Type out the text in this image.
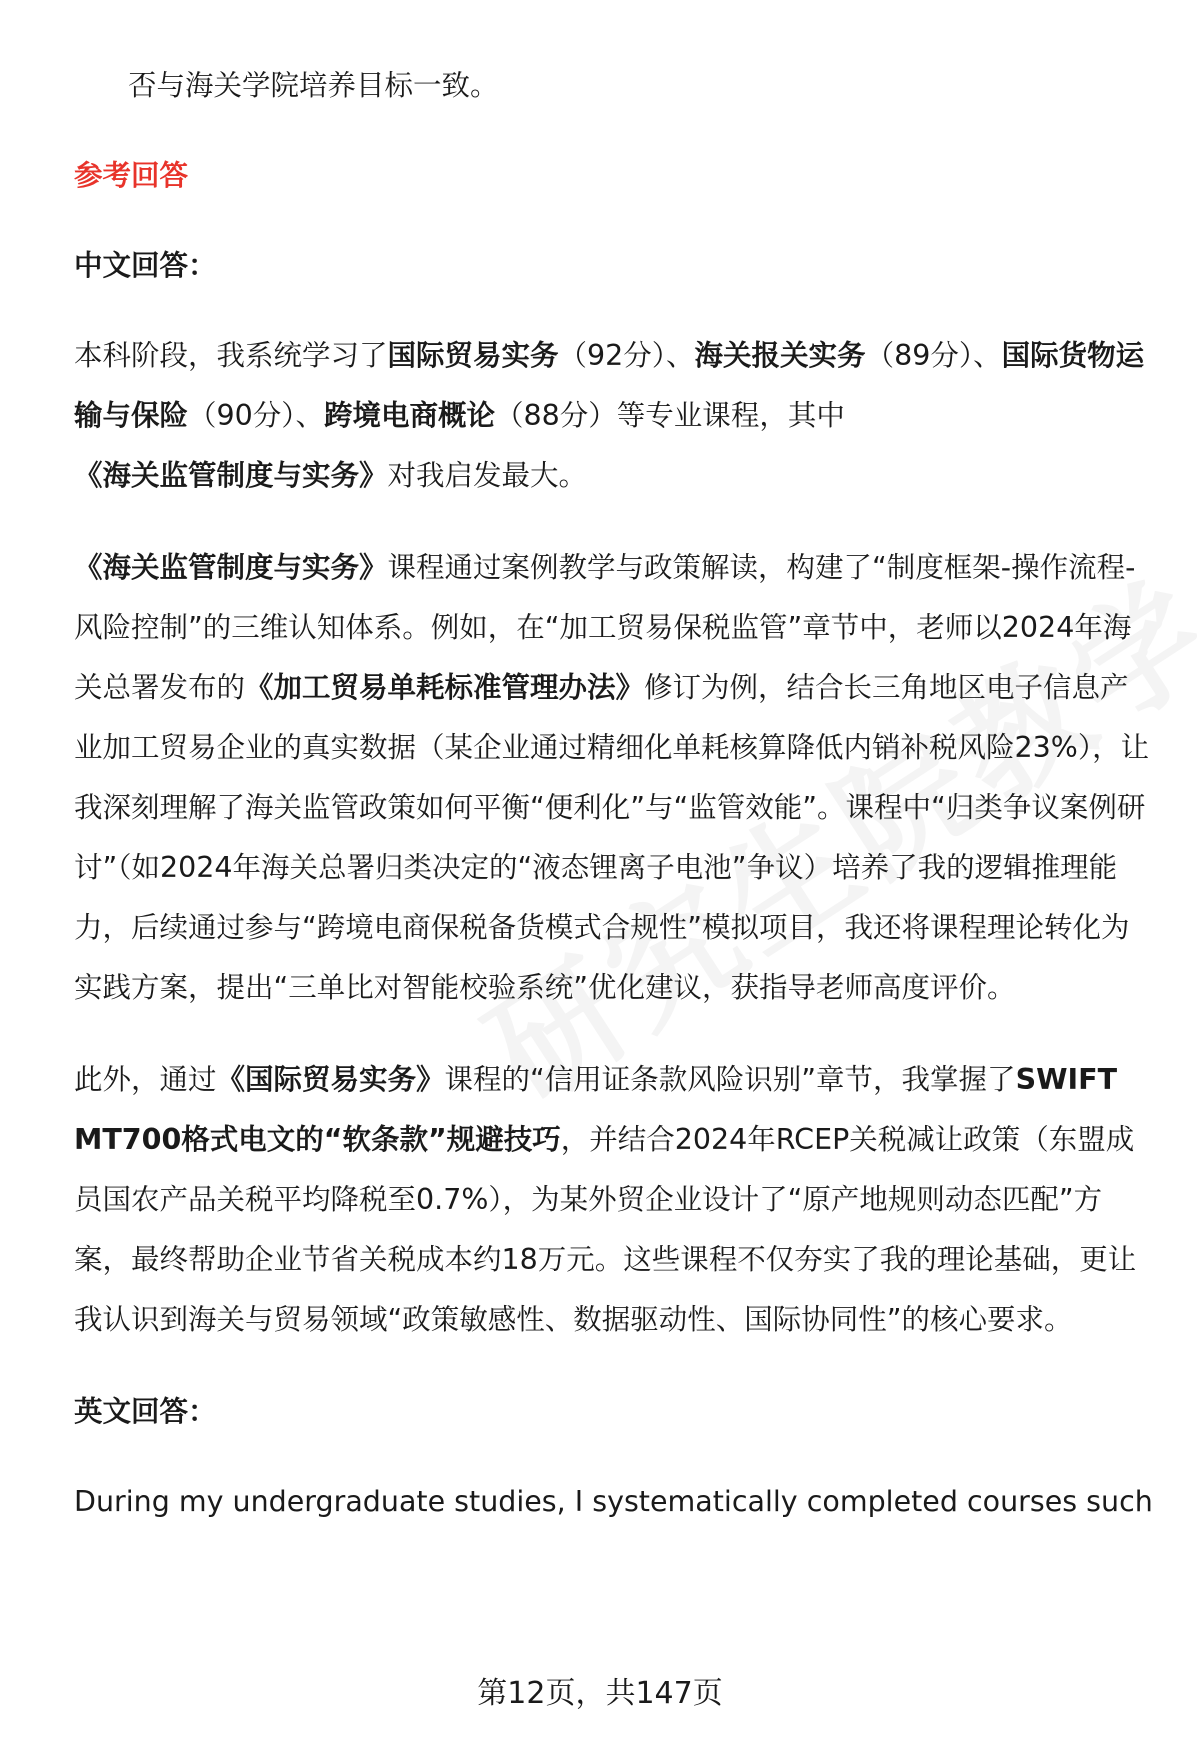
否与海关学院培养目标一致。

参考回答

中文回答：

本科阶段，我系统学习了国际贸易实务（92分）、海关报关实务（89分）、国际货物运输与保险（90分）、跨境电商概论（88分）等专业课程，其中《海关监管制度与实务》对我启发最大。

《海关监管制度与实务》课程通过案例教学与政策解读，构建了“制度框架-操作流程-风险控制”的三维认知体系。例如，在“加工贸易保税监管”章节中，老师以2024年海关总署发布的《加工贸易单耗标准管理办法》修订为例，结合长三角地区电子信息产业加工贸易企业的真实数据（某企业通过精细化单耗核算降低内销补税风险23%），让我深刻理解了海关监管政策如何平衡“便利化”与“监管效能”。课程中“归类争议案例研讨”（如2024年海关总署归类决定的“液态锂离子电池”争议）培养了我的逻辑推理能力，后续通过参与“跨境电商保税备货模式合规性”模拟项目，我还将课程理论转化为实践方案，提出“三单比对智能校验系统”优化建议，获指导老师高度评价。

此外，通过《国际贸易实务》课程的“信用证条款风险识别”章节，我掌握了SWIFT MT700格式电文的“软条款”规避技巧，并结合2024年RCEP关税减让政策（东盟成员国农产品关税平均降税至0.7%），为某外贸企业设计了“原产地规则动态匹配”方案，最终帮助企业节省关税成本约18万元。这些课程不仅夯实了我的理论基础，更让我认识到海关与贸易领域“政策敏感性、数据驱动性、国际协同性”的核心要求。

英文回答：

During my undergraduate studies, I systematically completed courses such

第12页，共147页
